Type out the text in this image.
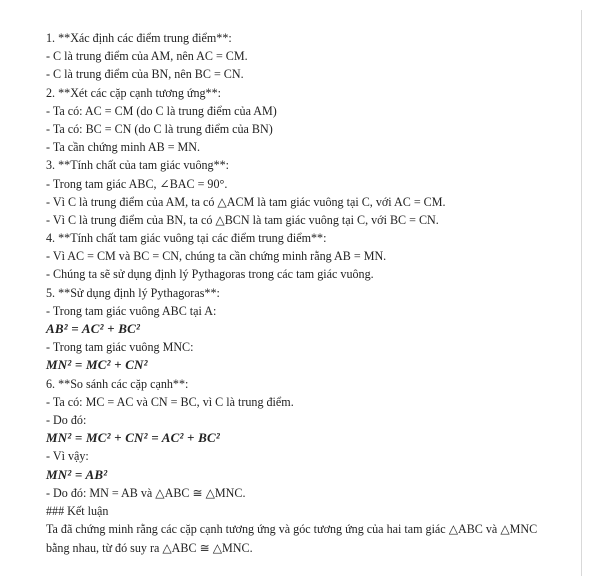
1. **Xác định các điểm trung điểm**:
- C là trung điểm của AM, nên AC = CM.
- C là trung điểm của BN, nên BC = CN.
2. **Xét các cặp cạnh tương ứng**:
- Ta có: AC = CM (do C là trung điểm của AM)
- Ta có: BC = CN (do C là trung điểm của BN)
- Ta cần chứng minh AB = MN.
3. **Tính chất của tam giác vuông**:
- Trong tam giác ABC, ∠BAC = 90°.
- Vì C là trung điểm của AM, ta có △ACM là tam giác vuông tại C, với AC = CM.
- Vì C là trung điểm của BN, ta có △BCN là tam giác vuông tại C, với BC = CN.
4. **Tính chất tam giác vuông tại các điểm trung điểm**:
- Vì AC = CM và BC = CN, chúng ta cần chứng minh rằng AB = MN.
- Chúng ta sẽ sử dụng định lý Pythagoras trong các tam giác vuông.
5. **Sử dụng định lý Pythagoras**:
- Trong tam giác vuông ABC tại A:
AB² = AC² + BC²
- Trong tam giác vuông MNC:
MN² = MC² + CN²
6. **So sánh các cặp cạnh**:
- Ta có: MC = AC và CN = BC, vì C là trung điểm.
- Do đó:
MN² = MC² + CN² = AC² + BC²
- Vì vậy:
MN² = AB²
- Do đó: MN = AB và △ABC ≅ △MNC.
### Kết luận
Ta đã chứng minh rằng các cặp cạnh tương ứng và góc tương ứng của hai tam giác △ABC và △MNC bằng nhau, từ đó suy ra △ABC ≅ △MNC.
